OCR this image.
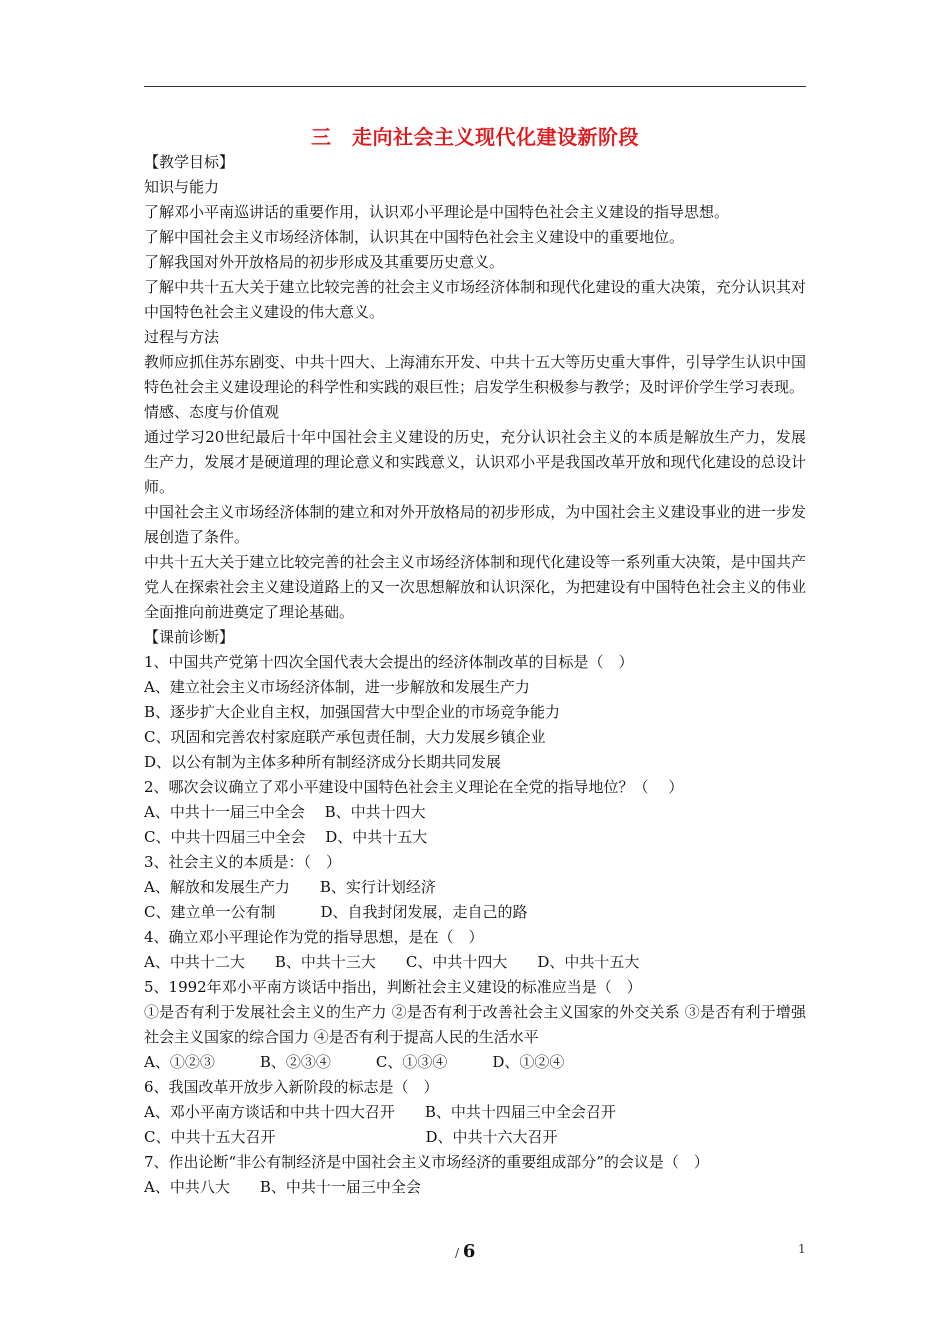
三　走向社会主义现代化建设新阶段
【教学目标】
知识与能力
了解邓小平南巡讲话的重要作用，认识邓小平理论是中国特色社会主义建设的指导思想。
了解中国社会主义市场经济体制，认识其在中国特色社会主义建设中的重要地位。
了解我国对外开放格局的初步形成及其重要历史意义。
了解中共十五大关于建立比较完善的社会主义市场经济体制和现代化建设的重大决策，充分认识其对中国特色社会主义建设的伟大意义。
过程与方法
教师应抓住苏东剧变、中共十四大、上海浦东开发、中共十五大等历史重大事件，引导学生认识中国特色社会主义建设理论的科学性和实践的艰巨性；启发学生积极参与教学；及时评价学生学习表现。
情感、态度与价值观
通过学习20世纪最后十年中国社会主义建设的历史，充分认识社会主义的本质是解放生产力，发展生产力，发展才是硬道理的理论意义和实践意义，认识邓小平是我国改革开放和现代化建设的总设计师。
中国社会主义市场经济体制的建立和对外开放格局的初步形成，为中国社会主义建设事业的进一步发展创造了条件。
中共十五大关于建立比较完善的社会主义市场经济体制和现代化建设等一系列重大决策，是中国共产党人在探索社会主义建设道路上的又一次思想解放和认识深化，为把建设有中国特色社会主义的伟业全面推向前进奠定了理论基础。
【课前诊断】
1、中国共产党第十四次全国代表大会提出的经济体制改革的目标是（　）
A、建立社会主义市场经济体制，进一步解放和发展生产力
B、逐步扩大企业自主权，加强国营大中型企业的市场竞争能力
C、巩固和完善农村家庭联产承包责任制，大力发展乡镇企业
D、以公有制为主体多种所有制经济成分长期共同发展
2、哪次会议确立了邓小平建设中国特色社会主义理论在全党的指导地位？（　 ）
A、中共十一届三中全会　 B、中共十四大
C、中共十四届三中全会　 D、中共十五大
3、社会主义的本质是：（　）
A、解放和发展生产力　　B、实行计划经济
C、建立单一公有制　　　D、自我封闭发展，走自己的路
4、确立邓小平理论作为党的指导思想，是在（　）
A、中共十二大　　B、中共十三大　　C、中共十四大　　D、中共十五大
5、1992年邓小平南方谈话中指出，判断社会主义建设的标准应当是（　）
①是否有利于发展社会主义的生产力 ②是否有利于改善社会主义国家的外交关系 ③是否有利于增强社会主义国家的综合国力 ④是否有利于提高人民的生活水平
A、①②③　　　B、②③④　　　C、①③④　　　D、①②④
6、我国改革开放步入新阶段的标志是（　）
A、邓小平南方谈话和中共十四大召开　　B、中共十四届三中全会召开
C、中共十五大召开　　　　　　　　　　D、中共十六大召开
7、作出论断“非公有制经济是中国社会主义市场经济的重要组成部分”的会议是（　）
A、中共八大　　B、中共十一届三中全会
/ 6	1
